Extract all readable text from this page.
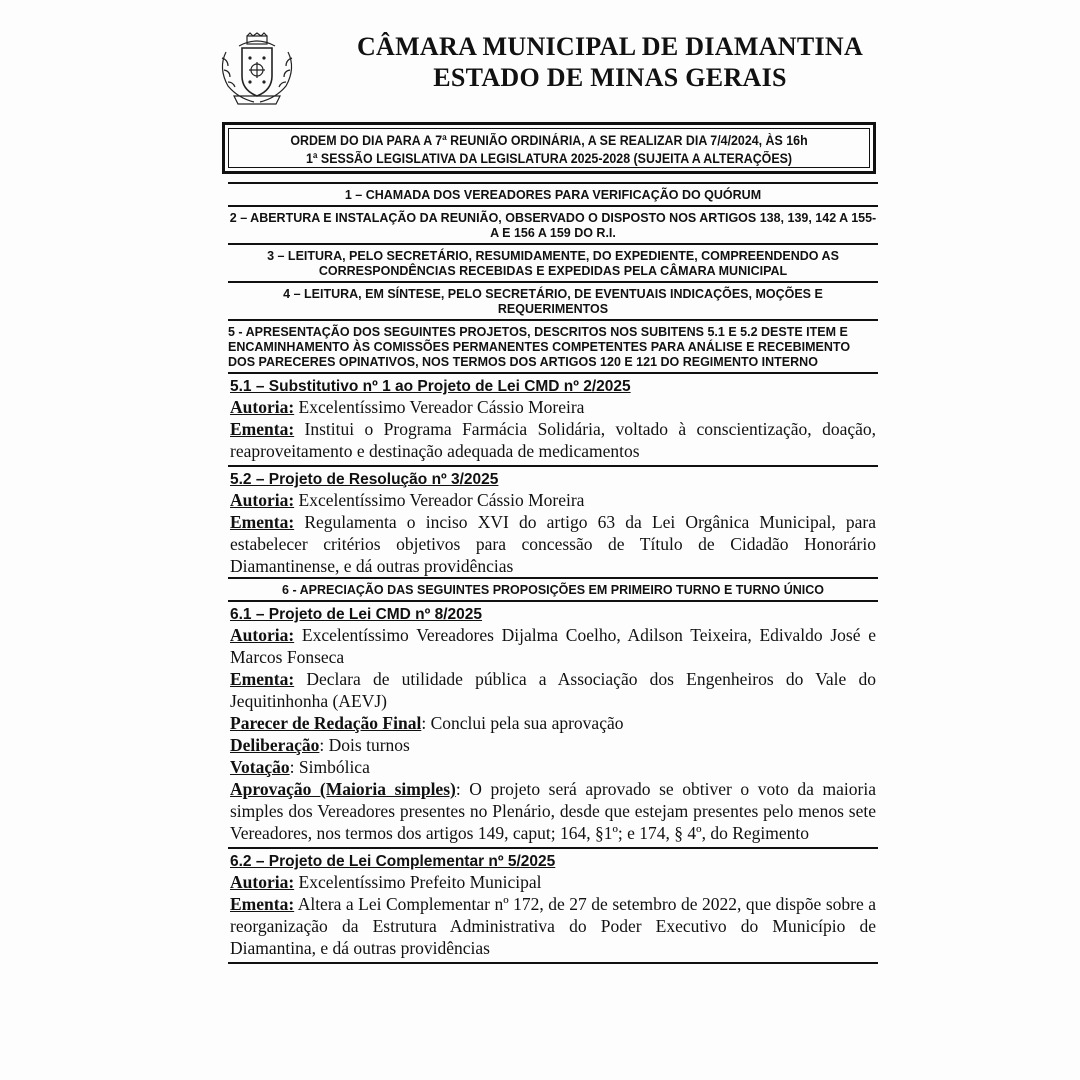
CÂMARA MUNICIPAL DE DIAMANTINA
ESTADO DE MINAS GERAIS
ORDEM DO DIA PARA A 7ª REUNIÃO ORDINÁRIA, A SE REALIZAR DIA 7/4/2024, ÀS 16h
1ª SESSÃO LEGISLATIVA DA LEGISLATURA 2025-2028 (SUJEITA A ALTERAÇÕES)
1 – CHAMADA DOS VEREADORES PARA VERIFICAÇÃO DO QUÓRUM
2 – ABERTURA E INSTALAÇÃO DA REUNIÃO, OBSERVADO O DISPOSTO NOS ARTIGOS 138, 139, 142 A 155-A E 156 A 159 DO R.I.
3 – LEITURA, PELO SECRETÁRIO, RESUMIDAMENTE, DO EXPEDIENTE, COMPREENDENDO AS CORRESPONDÊNCIAS RECEBIDAS E EXPEDIDAS PELA CÂMARA MUNICIPAL
4 – LEITURA, EM SÍNTESE, PELO SECRETÁRIO, DE EVENTUAIS INDICAÇÕES, MOÇÕES E REQUERIMENTOS
5 - APRESENTAÇÃO DOS SEGUINTES PROJETOS, DESCRITOS NOS SUBITENS 5.1 E 5.2 DESTE ITEM E ENCAMINHAMENTO ÀS COMISSÕES PERMANENTES COMPETENTES PARA ANÁLISE E RECEBIMENTO DOS PARECERES OPINATIVOS, NOS TERMOS DOS ARTIGOS 120 E 121 DO REGIMENTO INTERNO
5.1 – Substitutivo nº 1 ao Projeto de Lei CMD nº 2/2025
Autoria: Excelentíssimo Vereador Cássio Moreira
Ementa: Institui o Programa Farmácia Solidária, voltado à conscientização, doação, reaproveitamento e destinação adequada de medicamentos
5.2 – Projeto de Resolução nº 3/2025
Autoria: Excelentíssimo Vereador Cássio Moreira
Ementa: Regulamenta o inciso XVI do artigo 63 da Lei Orgânica Municipal, para estabelecer critérios objetivos para concessão de Título de Cidadão Honorário Diamantinense, e dá outras providências
6 - APRECIAÇÃO DAS SEGUINTES PROPOSIÇÕES EM PRIMEIRO TURNO E TURNO ÚNICO
6.1 – Projeto de Lei CMD nº 8/2025
Autoria: Excelentíssimo Vereadores Dijalma Coelho, Adilson Teixeira, Edivaldo José e Marcos Fonseca
Ementa: Declara de utilidade pública a Associação dos Engenheiros do Vale do Jequitinhonha (AEVJ)
Parecer de Redação Final: Conclui pela sua aprovação
Deliberação: Dois turnos
Votação: Simbólica
Aprovação (Maioria simples): O projeto será aprovado se obtiver o voto da maioria simples dos Vereadores presentes no Plenário, desde que estejam presentes pelo menos sete Vereadores, nos termos dos artigos 149, caput; 164, §1º; e 174, § 4º, do Regimento
6.2 – Projeto de Lei Complementar nº 5/2025
Autoria: Excelentíssimo Prefeito Municipal
Ementa: Altera a Lei Complementar nº 172, de 27 de setembro de 2022, que dispõe sobre a reorganização da Estrutura Administrativa do Poder Executivo do Município de Diamantina, e dá outras providências
